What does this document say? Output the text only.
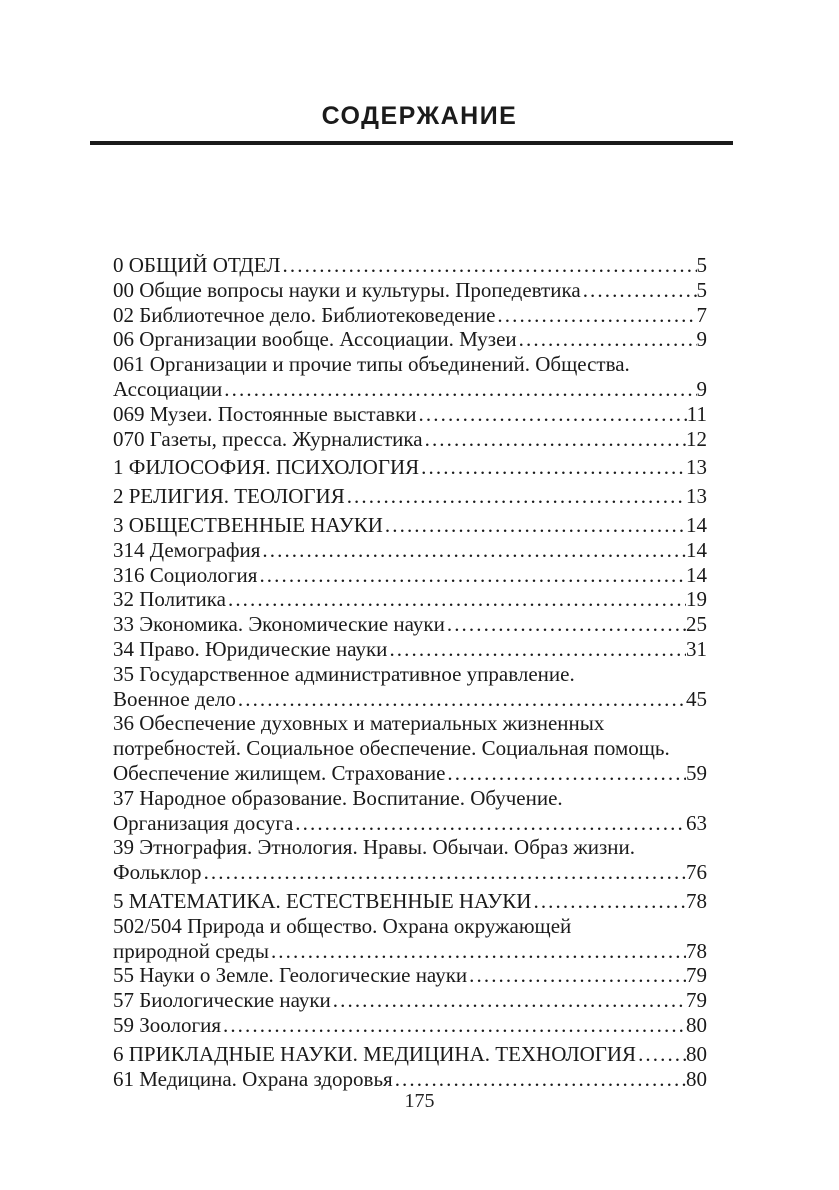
СОДЕРЖАНИЕ
0 ОБЩИЙ ОТДЕЛ .....	5
00 Общие вопросы науки и культуры. Пропедевтика .....	5
02 Библиотечное дело. Библиотековедение .....	7
06 Организации вообще. Ассоциации. Музеи .....	9
061 Организации и прочие типы объединений. Общества.
Ассоциации .....	9
069 Музеи. Постоянные выставки .....	11
070 Газеты, пресса. Журналистика .....	12
1 ФИЛОСОФИЯ. ПСИХОЛОГИЯ .....	13
2 РЕЛИГИЯ. ТЕОЛОГИЯ .....	13
3 ОБЩЕСТВЕННЫЕ НАУКИ .....	14
314 Демография .....	14
316 Социология .....	14
32 Политика .....	19
33 Экономика. Экономические науки .....	25
34 Право. Юридические науки .....	31
35 Государственное административное управление.
Военное дело .....	45
36 Обеспечение духовных и материальных жизненных
потребностей. Социальное обеспечение. Социальная помощь.
Обеспечение жилищем. Страхование .....	59
37 Народное образование. Воспитание. Обучение.
Организация досуга .....	63
39 Этнография. Этнология. Нравы. Обычаи. Образ жизни.
Фольклор .....	76
5 МАТЕМАТИКА. ЕСТЕСТВЕННЫЕ НАУКИ .....	78
502/504 Природа и общество. Охрана окружающей
природной среды .....	78
55 Науки о Земле. Геологические науки .....	79
57 Биологические науки .....	79
59 Зоология .....	80
6 ПРИКЛАДНЫЕ НАУКИ. МЕДИЦИНА. ТЕХНОЛОГИЯ ..... 80
61 Медицина. Охрана здоровья .....	80
175
